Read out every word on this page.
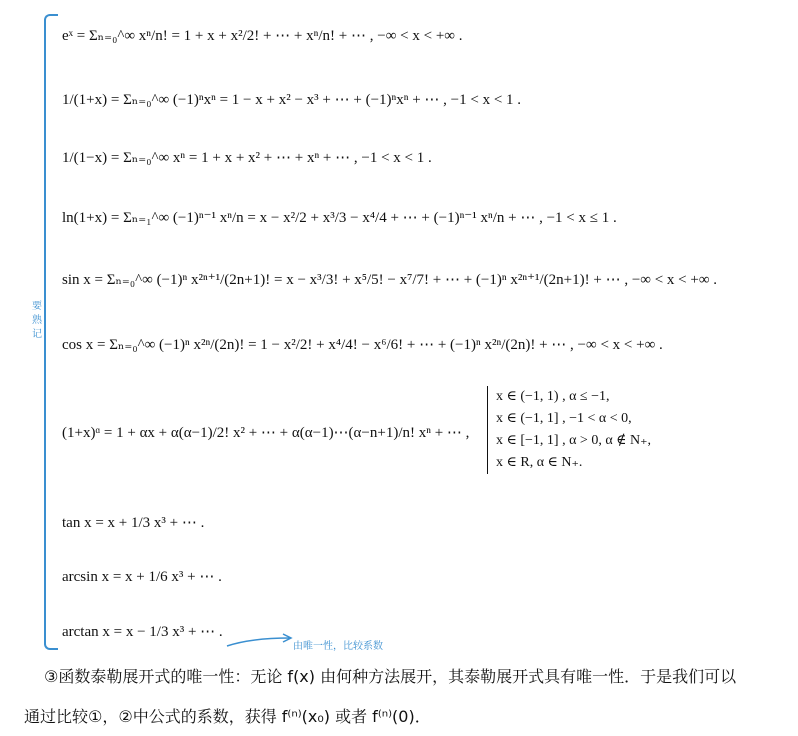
要熟记
eˣ = Σₙ₌₀^∞ xⁿ/n! = 1 + x + x²/2! + ⋯ + xⁿ/n! + ⋯ , −∞ < x < +∞ .
1/(1+x) = Σₙ₌₀^∞ (−1)ⁿxⁿ = 1 − x + x² − x³ + ⋯ + (−1)ⁿxⁿ + ⋯ , −1 < x < 1 .
1/(1−x) = Σₙ₌₀^∞ xⁿ = 1 + x + x² + ⋯ + xⁿ + ⋯ , −1 < x < 1 .
ln(1+x) = Σₙ₌₁^∞ (−1)ⁿ⁻¹ xⁿ/n = x − x²/2 + x³/3 − x⁴/4 + ⋯ + (−1)ⁿ⁻¹ xⁿ/n + ⋯ , −1 < x ≤ 1 .
sin x = Σₙ₌₀^∞ (−1)ⁿ x²ⁿ⁺¹/(2n+1)! = x − x³/3! + x⁵/5! − x⁷/7! + ⋯ + (−1)ⁿ x²ⁿ⁺¹/(2n+1)! + ⋯ , −∞ < x < +∞ .
cos x = Σₙ₌₀^∞ (−1)ⁿ x²ⁿ/(2n)! = 1 − x²/2! + x⁴/4! − x⁶/6! + ⋯ + (−1)ⁿ x²ⁿ/(2n)! + ⋯ , −∞ < x < +∞ .
(1+x)ᵅ = 1 + αx + α(α−1)/2! x² + ⋯ + α(α−1)⋯(α−n+1)/n! xⁿ + ⋯ ,
x ∈ (−1, 1) , α ≤ −1,
x ∈ (−1, 1] , −1 < α < 0,
x ∈ [−1, 1] , α > 0, α ∉ N₊,
x ∈ R, α ∈ N₊.
tan x = x + 1/3 x³ + ⋯ .
arcsin x = x + 1/6 x³ + ⋯ .
arctan x = x − 1/3 x³ + ⋯ .
由唯一性，比较系数
③函数泰勒展开式的唯一性：无论 f(x) 由何种方法展开，其泰勒展开式具有唯一性．于是我们可以
通过比较①，②中公式的系数，获得 f⁽ⁿ⁾(x₀) 或者 f⁽ⁿ⁾(0)．
